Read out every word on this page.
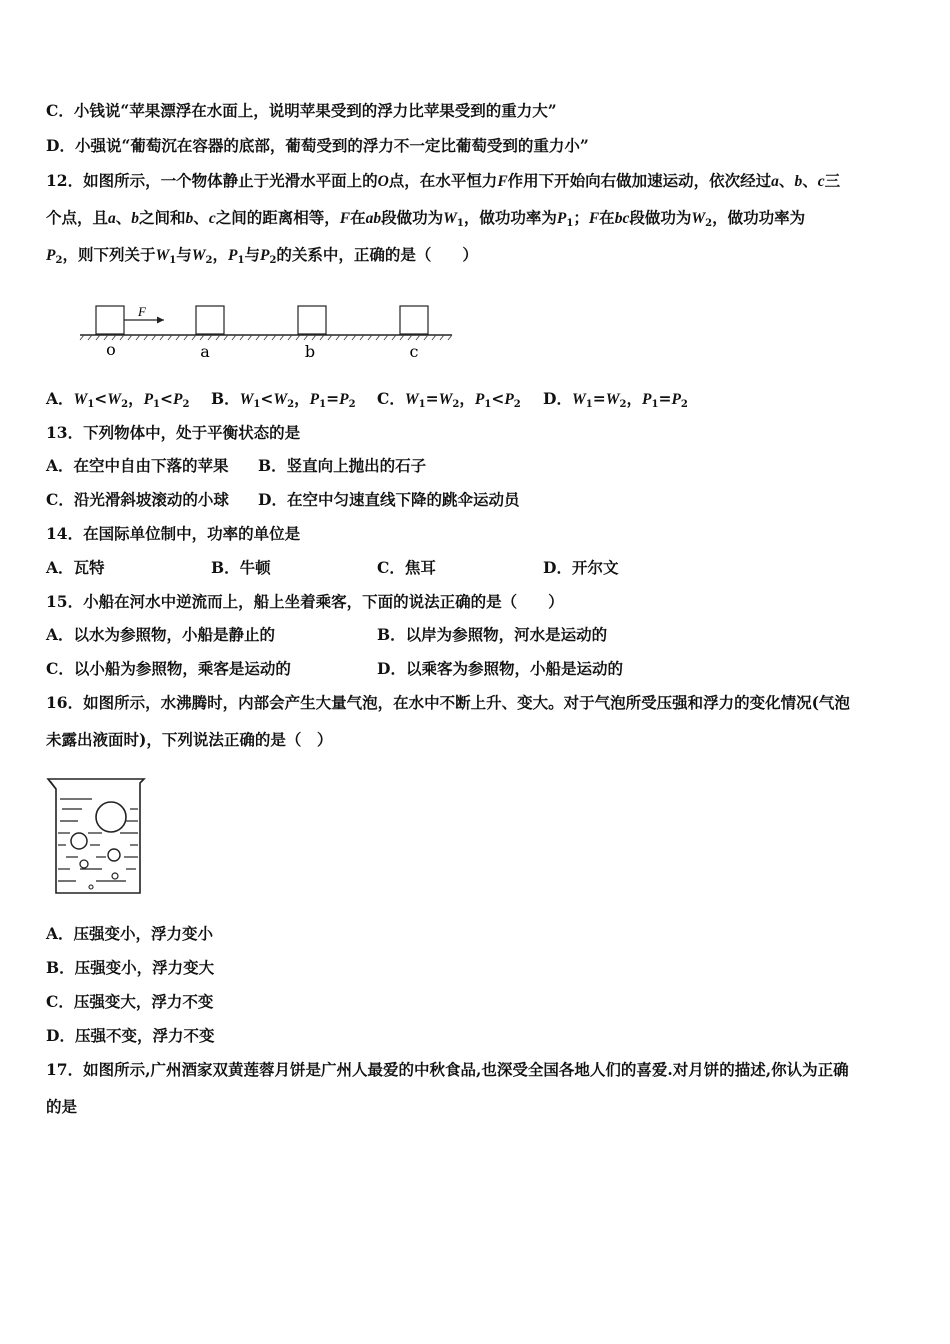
C．小钱说“苹果漂浮在水面上，说明苹果受到的浮力比苹果受到的重力大”
D．小强说“葡萄沉在容器的底部，葡萄受到的浮力不一定比葡萄受到的重力小”
12．如图所示，一个物体静止于光滑水平面上的O点，在水平恒力F作用下开始向右做加速运动，依次经过a、b、c三
个点，且a、b之间和b、c之间的距离相等，F在ab段做功为$W_1$，做功功率为$P_1$；F在bc段做功为$W_2$，做功功率为
$P_2$，则下列关于$W_1$与$W_2$，$P_1$与$P_2$的关系中，正确的是（　　）
F
o	a	b	c
A．$W_1<W_2$，$P_1<P_2$ B．$W_1<W_2$，$P_1=P_2$ C．$W_1=W_2$，$P_1<P_2$ D．$W_1=W_2$，$P_1=P_2$
13．下列物体中，处于平衡状态的是
A．在空中自由下落的苹果 B．竖直向上抛出的石子
C．沿光滑斜坡滚动的小球 D．在空中匀速直线下降的跳伞运动员
14．在国际单位制中，功率的单位是
A．瓦特	B．牛顿	C．焦耳	D．开尔文
15．小船在河水中逆流而上，船上坐着乘客，下面的说法正确的是（　　）
A．以水为参照物，小船是静止的	B．以岸为参照物，河水是运动的
C．以小船为参照物，乘客是运动的	D．以乘客为参照物，小船是运动的
16．如图所示，水沸腾时，内部会产生大量气泡，在水中不断上升、变大。对于气泡所受压强和浮力的变化情况(气泡
未露出液面时)，下列说法正确的是（　）
A．压强变小，浮力变小
B．压强变小，浮力变大
C．压强变大，浮力不变
D．压强不变，浮力不变
17．如图所示,广州酒家双黄莲蓉月饼是广州人最爱的中秋食品,也深受全国各地人们的喜爱.对月饼的描述,你认为正确
的是
